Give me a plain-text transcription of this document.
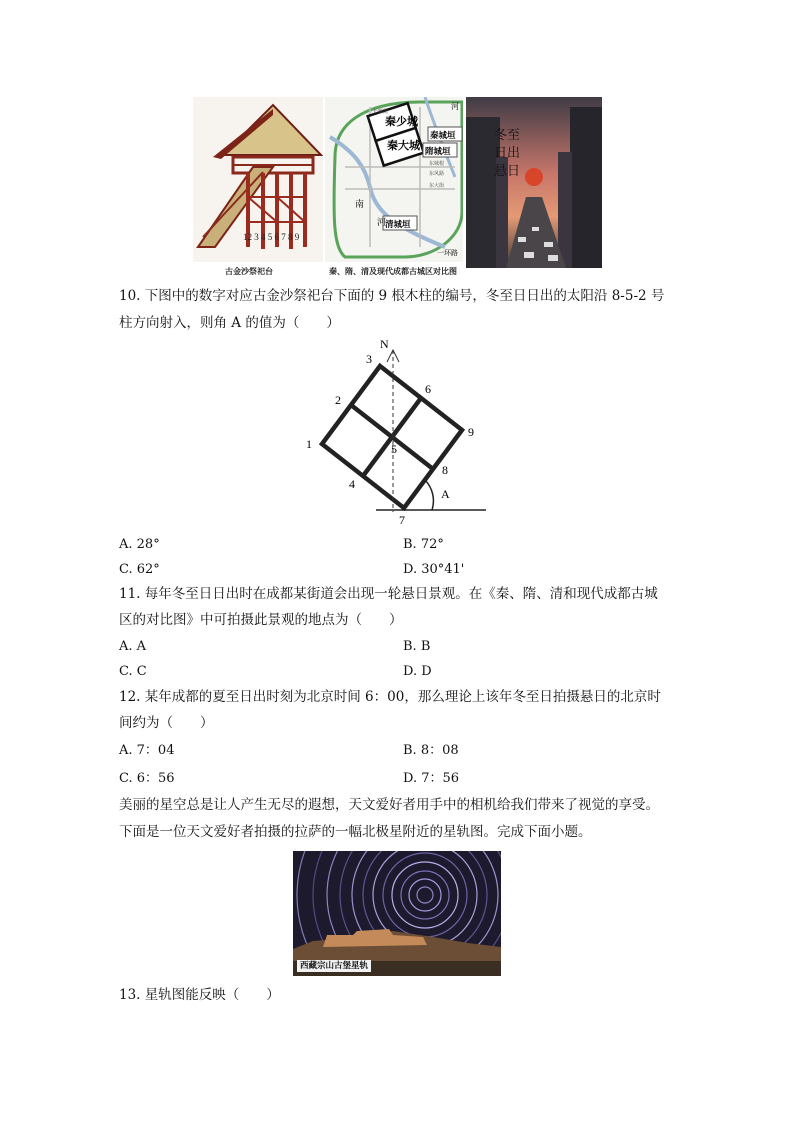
12 3 4 5 6 7 8 9
古金沙祭祀台
秦少城
秦大城
秦城垣
隋城垣
清城垣
河
南
河
一环路
长顺街
东城根
东风路
东大街
秦、隋、清及现代成都古城区对比图
冬至
日出
悬日
10. 下图中的数字对应古金沙祭祀台下面的 9 根木柱的编号，冬至日日出的太阳沿 8-5-2 号
柱方向射入，则角 A 的值为（　　）
N
A
1
2
3
4
5
6
7
8
9
A. 28°	B. 72°
C. 62°	D. 30°41'
11. 每年冬至日日出时在成都某街道会出现一轮悬日景观。在《秦、隋、清和现代成都古城
区的对比图》中可拍摄此景观的地点为（　　）
A. A	B. B
C. C	D. D
12. 某年成都的夏至日出时刻为北京时间 6：00，那么理论上该年冬至日拍摄悬日的北京时
间约为（　　）
A. 7：04	B. 8：08
C. 6：56	D. 7：56
美丽的星空总是让人产生无尽的遐想，天文爱好者用手中的相机给我们带来了视觉的享受。
下面是一位天文爱好者拍摄的拉萨的一幅北极星附近的星轨图。完成下面小题。
西藏宗山古堡星轨
13. 星轨图能反映（　　）
